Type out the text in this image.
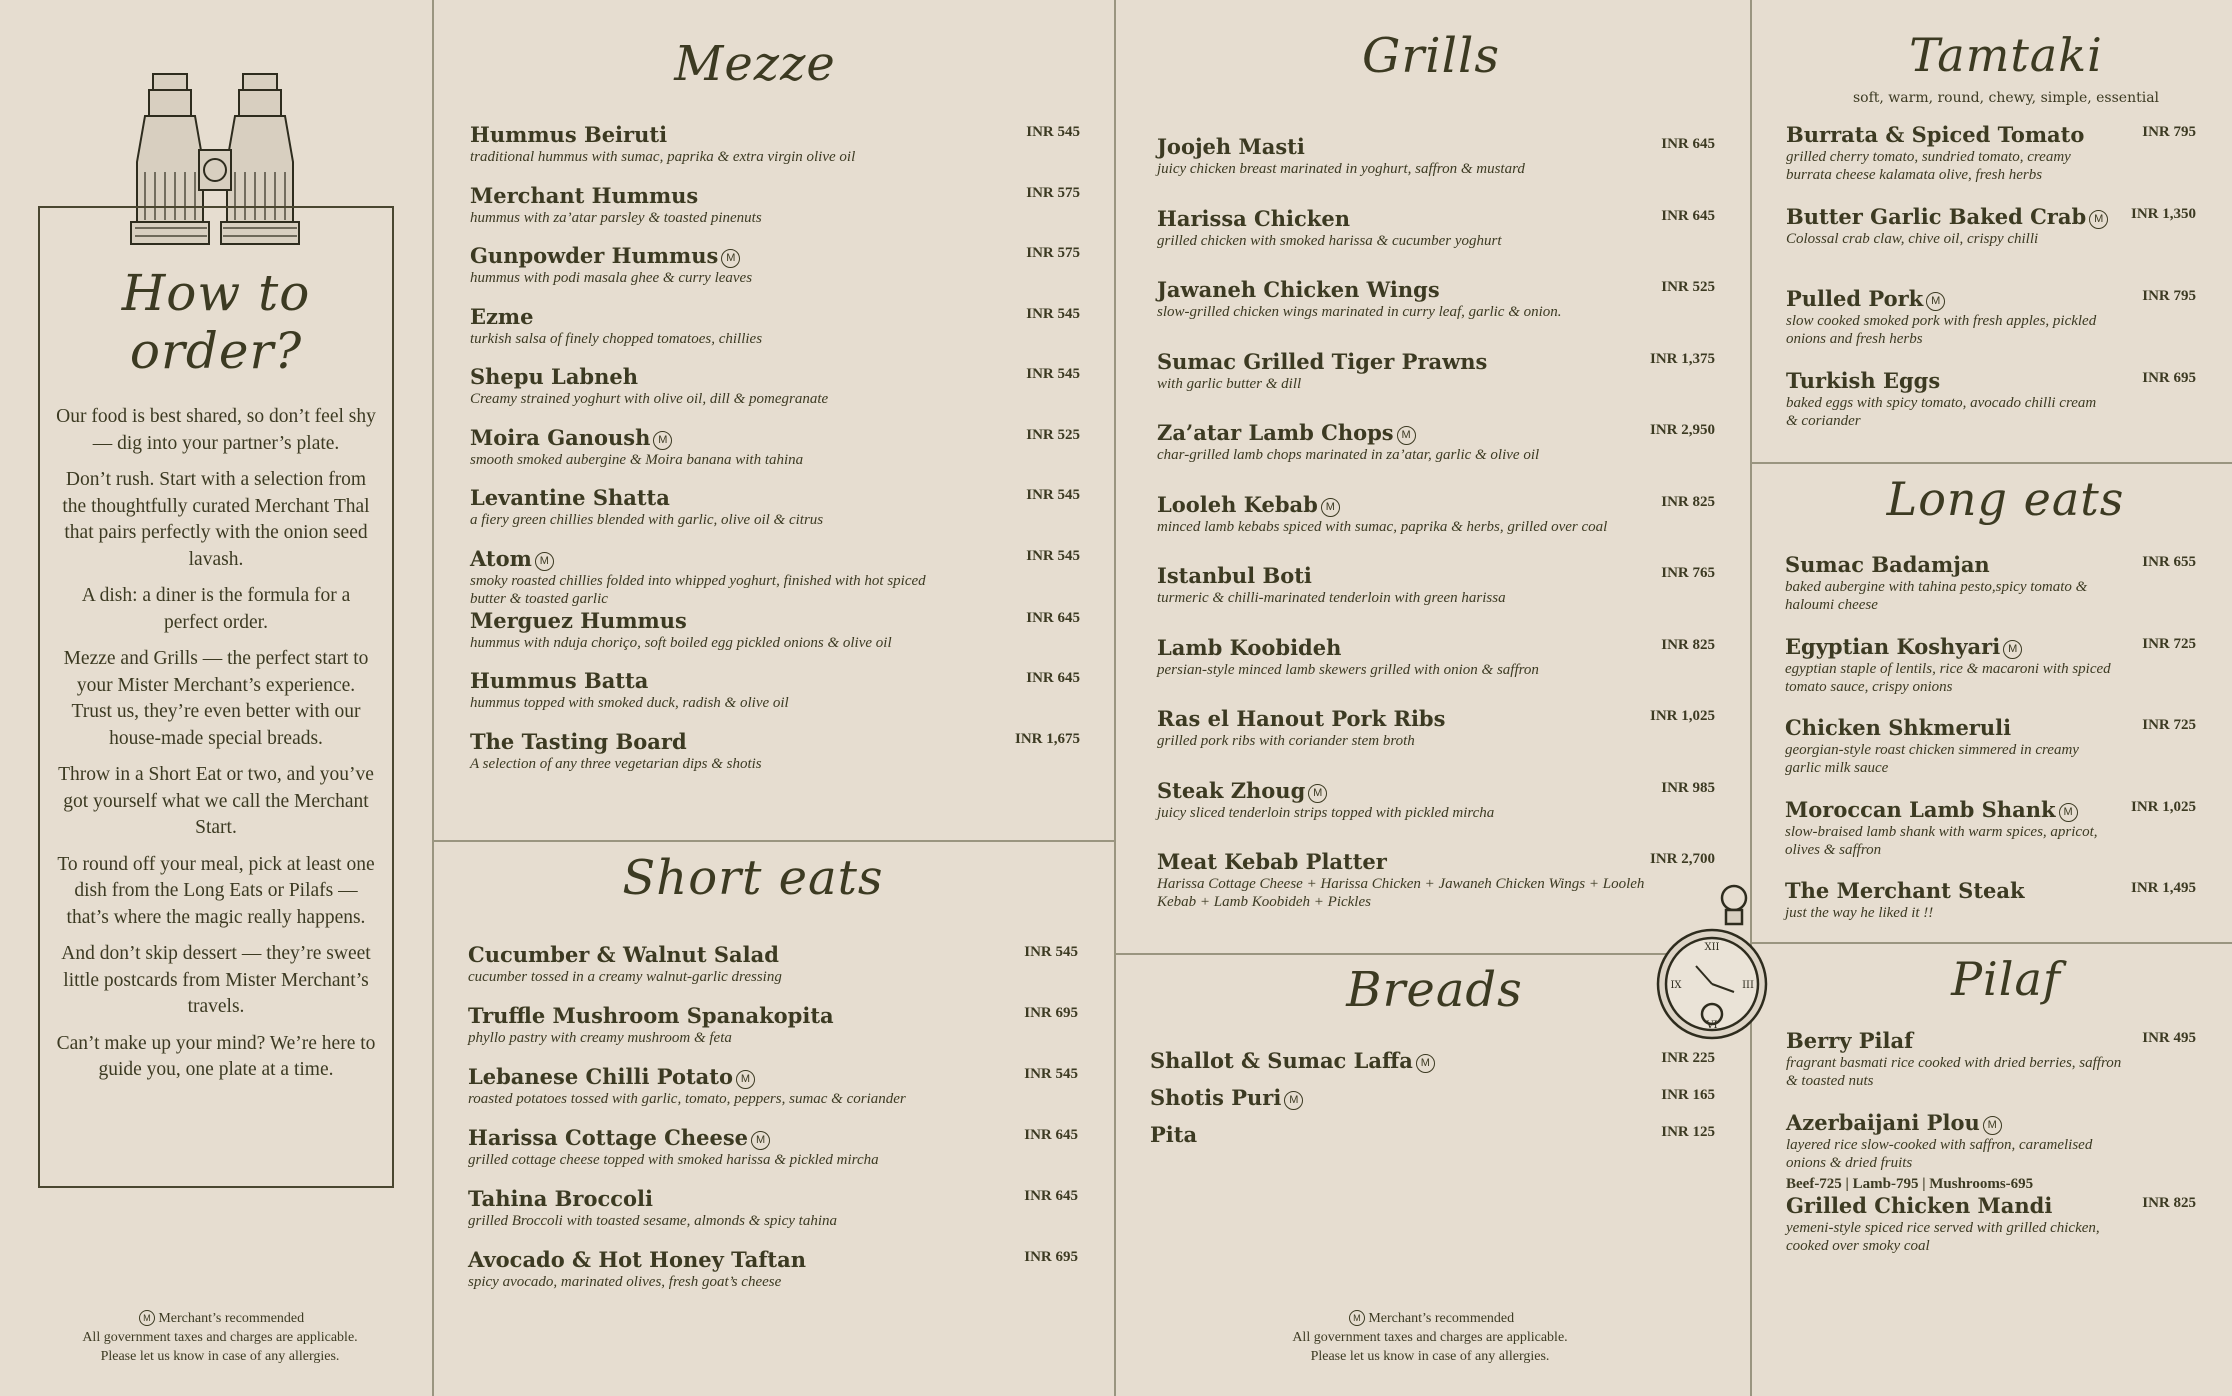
How to order?
Our food is best shared, so don’t feel shy — dig into your partner’s plate.
Don’t rush. Start with a selection from the thoughtfully curated Merchant Thal that pairs perfectly with the onion seed lavash.
A dish: a diner is the formula for a perfect order.
Mezze and Grills — the perfect start to your Mister Merchant’s experience. Trust us, they’re even better with our house-made special breads.
Throw in a Short Eat or two, and you’ve got yourself what we call the Merchant Start.
To round off your meal, pick at least one dish from the Long Eats or Pilafs — that’s where the magic really happens.
And don’t skip dessert — they’re sweet little postcards from Mister Merchant’s travels.
Can’t make up your mind? We’re here to guide you, one plate at a time.
M Merchant’s recommended
All government taxes and charges are applicable.
Please let us know in case of any allergies.
Mezze
Hummus Beiruti
traditional hummus with sumac, paprika & extra virgin olive oil
INR 545
Merchant Hummus
hummus with za’atar parsley & toasted pinenuts
INR 575
Gunpowder Hummus M
hummus with podi masala ghee & curry leaves
INR 575
Ezme
turkish salsa of finely chopped tomatoes, chillies
INR 545
Shepu Labneh
Creamy strained yoghurt with olive oil, dill & pomegranate
INR 545
Moira Ganoush M
smooth smoked aubergine & Moira banana with tahina
INR 525
Levantine Shatta
a fiery green chillies blended with garlic, olive oil & citrus
INR 545
Atom M
smoky roasted chillies folded into whipped yoghurt, finished with hot spiced butter & toasted garlic
INR 545
Merguez Hummus
hummus with nduja choriço, soft boiled egg pickled onions & olive oil
INR 645
Hummus Batta
hummus topped with smoked duck, radish & olive oil
INR 645
The Tasting Board
A selection of any three vegetarian dips & shotis
INR 1,675
Short eats
Cucumber & Walnut Salad
cucumber tossed in a creamy walnut-garlic dressing
INR 545
Truffle Mushroom Spanakopita
phyllo pastry with creamy mushroom & feta
INR 695
Lebanese Chilli Potato M
roasted potatoes tossed with garlic, tomato, peppers, sumac & coriander
INR 545
Harissa Cottage Cheese M
grilled cottage cheese topped with smoked harissa & pickled mircha
INR 645
Tahina Broccoli
grilled Broccoli with toasted sesame, almonds & spicy tahina
INR 645
Avocado & Hot Honey Taftan
spicy avocado, marinated olives, fresh goat’s cheese
INR 695
Grills
Joojeh Masti
juicy chicken breast marinated in yoghurt, saffron & mustard
INR 645
Harissa Chicken
grilled chicken with smoked harissa & cucumber yoghurt
INR 645
Jawaneh Chicken Wings
slow-grilled chicken wings marinated in curry leaf, garlic & onion.
INR 525
Sumac Grilled Tiger Prawns
with garlic butter & dill
INR 1,375
Za’atar Lamb Chops M
char-grilled lamb chops marinated in za’atar, garlic & olive oil
INR 2,950
Looleh Kebab M
minced lamb kebabs spiced with sumac, paprika & herbs, grilled over coal
INR 825
Istanbul Boti
turmeric & chilli-marinated tenderloin with green harissa
INR 765
Lamb Koobideh
persian-style minced lamb skewers grilled with onion & saffron
INR 825
Ras el Hanout Pork Ribs
grilled pork ribs with coriander stem broth
INR 1,025
Steak Zhoug M
juicy sliced tenderloin strips topped with pickled mircha
INR 985
Meat Kebab Platter
Harissa Cottage Cheese + Harissa Chicken + Jawaneh Chicken Wings + Looleh Kebab + Lamb Koobideh + Pickles
INR 2,700
Breads
Shallot & Sumac Laffa M	INR 225
Shotis Puri M	INR 165
Pita	INR 125
XII
III
IX
VI
M Merchant’s recommended
All government taxes and charges are applicable.
Please let us know in case of any allergies.
Tamtaki
soft, warm, round, chewy, simple, essential
Burrata & Spiced Tomato
grilled cherry tomato, sundried tomato, creamy burrata cheese kalamata olive, fresh herbs
INR 795
Butter Garlic Baked Crab M
Colossal crab claw, chive oil, crispy chilli
INR 1,350
Pulled Pork M
slow cooked smoked pork with fresh apples, pickled onions and fresh herbs
INR 795
Turkish Eggs
baked eggs with spicy tomato, avocado chilli cream & coriander
INR 695
Long eats
Sumac Badamjan
baked aubergine with tahina pesto,spicy tomato & haloumi cheese
INR 655
Egyptian Koshyari M
egyptian staple of lentils, rice & macaroni with spiced tomato sauce, crispy onions
INR 725
Chicken Shkmeruli
georgian-style roast chicken simmered in creamy garlic milk sauce
INR 725
Moroccan Lamb Shank M
slow-braised lamb shank with warm spices, apricot, olives & saffron
INR 1,025
The Merchant Steak
just the way he liked it !!
INR 1,495
Pilaf
Berry Pilaf
fragrant basmati rice cooked with dried berries, saffron & toasted nuts
INR 495
Azerbaijani Plou M
layered rice slow-cooked with saffron, caramelised onions & dried fruits
Beef-725 | Lamb-795 | Mushrooms-695
Grilled Chicken Mandi
yemeni-style spiced rice served with grilled chicken, cooked over smoky coal
INR 825
